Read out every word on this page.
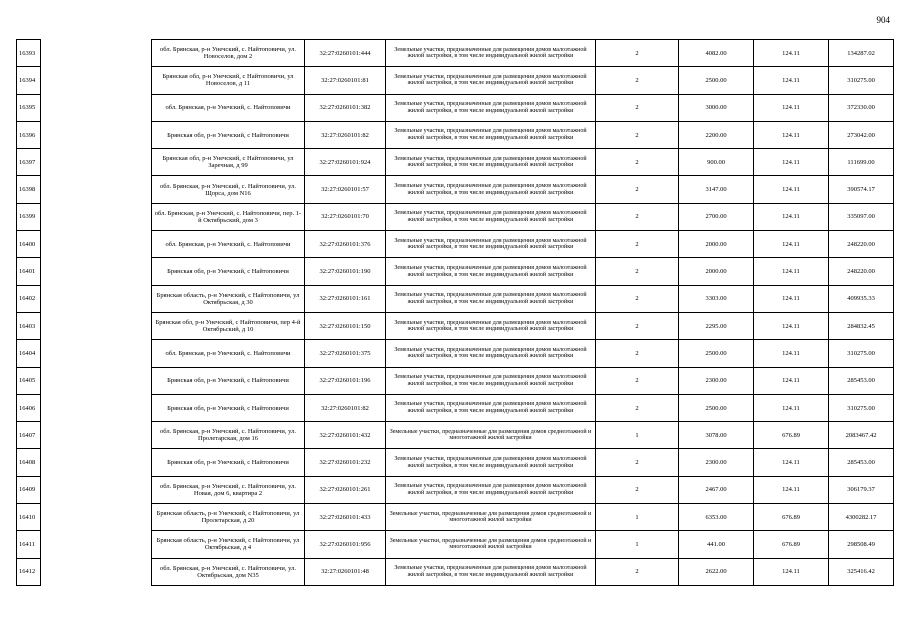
904
16393		обл. Брянская, р-н Унечский, с. Найтоповичи, ул. Новоселов, дом 2	32:27:0260101:444	Земельные участки, предназначенные для размещения домов малоэтажной жилой застройки, в том числе индивидуальной жилой застройки	2	4082.00	124.11	134287.02
16394		Брянская обл, р-н Унечский, с Найтоповичи, ул Новоселов, д 11	32:27:0260101:81	Земельные участки, предназначенные для размещения домов малоэтажной жилой застройки, в том числе индивидуальной жилой застройки	2	2500.00	124.11	310275.00
16395		обл. Брянская, р-н Унечский, с. Найтоповичи	32:27:0260101:382	Земельные участки, предназначенные для размещения домов малоэтажной жилой застройки, в том числе индивидуальной жилой застройки	2	3000.00	124.11	372330.00
16396		Брянская обл, р-н Унечский, с Найтоповичи	32:27:0260101:82	Земельные участки, предназначенные для размещения домов малоэтажной жилой застройки, в том числе индивидуальной жилой застройки	2	2200.00	124.11	273042.00
16397		Брянская обл, р-н Унечский, с Найтоповичи, ул Заречная, д 99	32:27:0260101:924	Земельные участки, предназначенные для размещения домов малоэтажной жилой застройки, в том числе индивидуальной жилой застройки	2	900.00	124.11	111699.00
16398		обл. Брянская, р-н Унечский, с. Найтоповичи, ул. Щорса, дом N16	32:27:0260101:57	Земельные участки, предназначенные для размещения домов малоэтажной жилой застройки, в том числе индивидуальной жилой застройки	2	3147.00	124.11	390574.17
16399		обл. Брянская, р-н Унечский, с. Найтоповичи, пер. 1-й Октябрьский, дом 3	32:27:0260101:70	Земельные участки, предназначенные для размещения домов малоэтажной жилой застройки, в том числе индивидуальной жилой застройки	2	2700.00	124.11	335097.00
16400		обл. Брянская, р-н Унечский, с. Найтоповичи	32:27:0260101:376	Земельные участки, предназначенные для размещения домов малоэтажной жилой застройки, в том числе индивидуальной жилой застройки	2	2000.00	124.11	248220.00
16401		Брянская обл, р-н Унечский, с Найтоповичи	32:27:0260101:190	Земельные участки, предназначенные для размещения домов малоэтажной жилой застройки, в том числе индивидуальной жилой застройки	2	2000.00	124.11	248220.00
16402		Брянская область, р-н Унечский, с Найтоповичи, ул Октябрьская, д 30	32:27:0260101:161	Земельные участки, предназначенные для размещения домов малоэтажной жилой застройки, в том числе индивидуальной жилой застройки	2	3303.00	124.11	409935.33
16403		Брянская обл, р-н Унечский, с Найтоповичи, пер 4-й Октябрьский, д 10	32:27:0260101:150	Земельные участки, предназначенные для размещения домов малоэтажной жилой застройки, в том числе индивидуальной жилой застройки	2	2295.00	124.11	284832.45
16404		обл. Брянская, р-н Унечский, с. Найтоповичи	32:27:0260101:375	Земельные участки, предназначенные для размещения домов малоэтажной жилой застройки, в том числе индивидуальной жилой застройки	2	2500.00	124.11	310275.00
16405		Брянская обл, р-н Унечский, с Найтоповичи	32:27:0260101:196	Земельные участки, предназначенные для размещения домов малоэтажной жилой застройки, в том числе индивидуальной жилой застройки	2	2300.00	124.11	285453.00
16406		Брянская обл, р-н Унечский, с Найтоповичи	32:27:0260101:82	Земельные участки, предназначенные для размещения домов малоэтажной жилой застройки, в том числе индивидуальной жилой застройки	2	2500.00	124.11	310275.00
16407		обл. Брянская, р-н Унечский, с. Найтоповичи, ул. Пролетарская, дом 16	32:27:0260101:432	Земельные участки, предназначенные для размещения домов среднеэтажной и многоэтажной жилой застройки	1	3078.00	676.89	2083467.42
16408		Брянская обл, р-н Унечский, с Найтоповичи	32:27:0260101:232	Земельные участки, предназначенные для размещения домов малоэтажной жилой застройки, в том числе индивидуальной жилой застройки	2	2300.00	124.11	285453.00
16409		обл. Брянская, р-н Унечский, с. Найтоповичи, ул. Новая, дом 6, квартира 2	32:27:0260101:261	Земельные участки, предназначенные для размещения домов малоэтажной жилой застройки, в том числе индивидуальной жилой застройки	2	2467.00	124.11	306179.37
16410		Брянская область, р-н Унечский, с Найтоповичи, ул Пролетарская, д 20	32:27:0260101:433	Земельные участки, предназначенные для размещения домов среднеэтажной и многоэтажной жилой застройки	1	6353.00	676.89	4300282.17
16411		Брянская область, р-н Унечский, с Найтоповичи, ул Октябрьская, д 4	32:27:0260101:956	Земельные участки, предназначенные для размещения домов среднеэтажной и многоэтажной жилой застройки	1	441.00	676.89	298508.49
16412		обл. Брянская, р-н Унечский, с. Найтоповичи, ул. Октябрьская, дом N35	32:27:0260101:48	Земельные участки, предназначенные для размещения домов малоэтажной жилой застройки, в том числе индивидуальной жилой застройки	2	2622.00	124.11	325416.42
